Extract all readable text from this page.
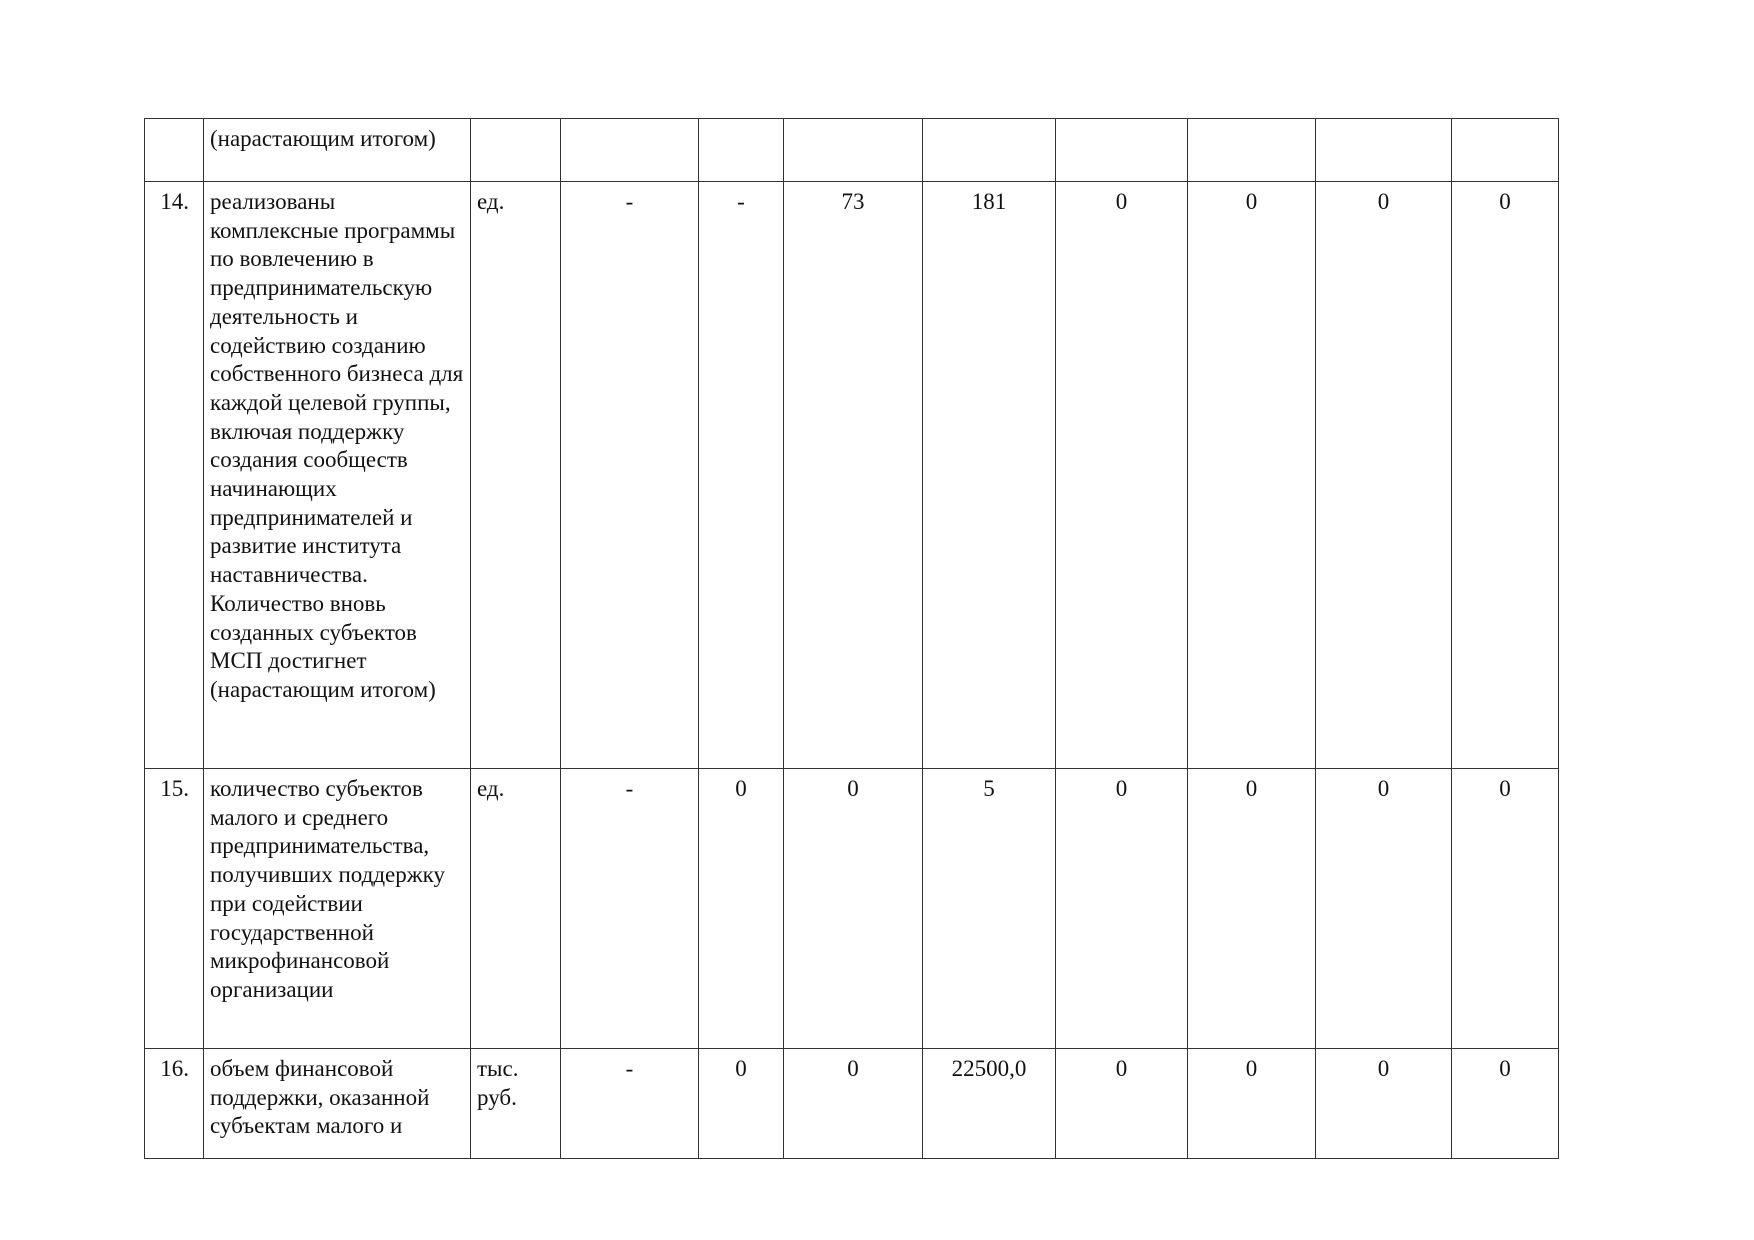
	(нарастающим итогом)									
14.	реализованы комплексные программы по вовлечению в предпринимательскую деятельность и содействию созданию собственного бизнеса для каждой целевой группы, включая поддержку создания сообществ начинающих предпринимателей и развитие института наставничества. Количество вновь созданных субъектов МСП достигнет (нарастающим итогом)	ед.	-	-	73	181	0	0	0	0
15.	количество субъектов малого и среднего предпринимательства, получивших поддержку при содействии государственной микрофинансовой организации	ед.	-	0	0	5	0	0	0	0
16.	объем финансовой поддержки, оказанной субъектам малого и	тыс. руб.	-	0	0	22500,0	0	0	0	0
